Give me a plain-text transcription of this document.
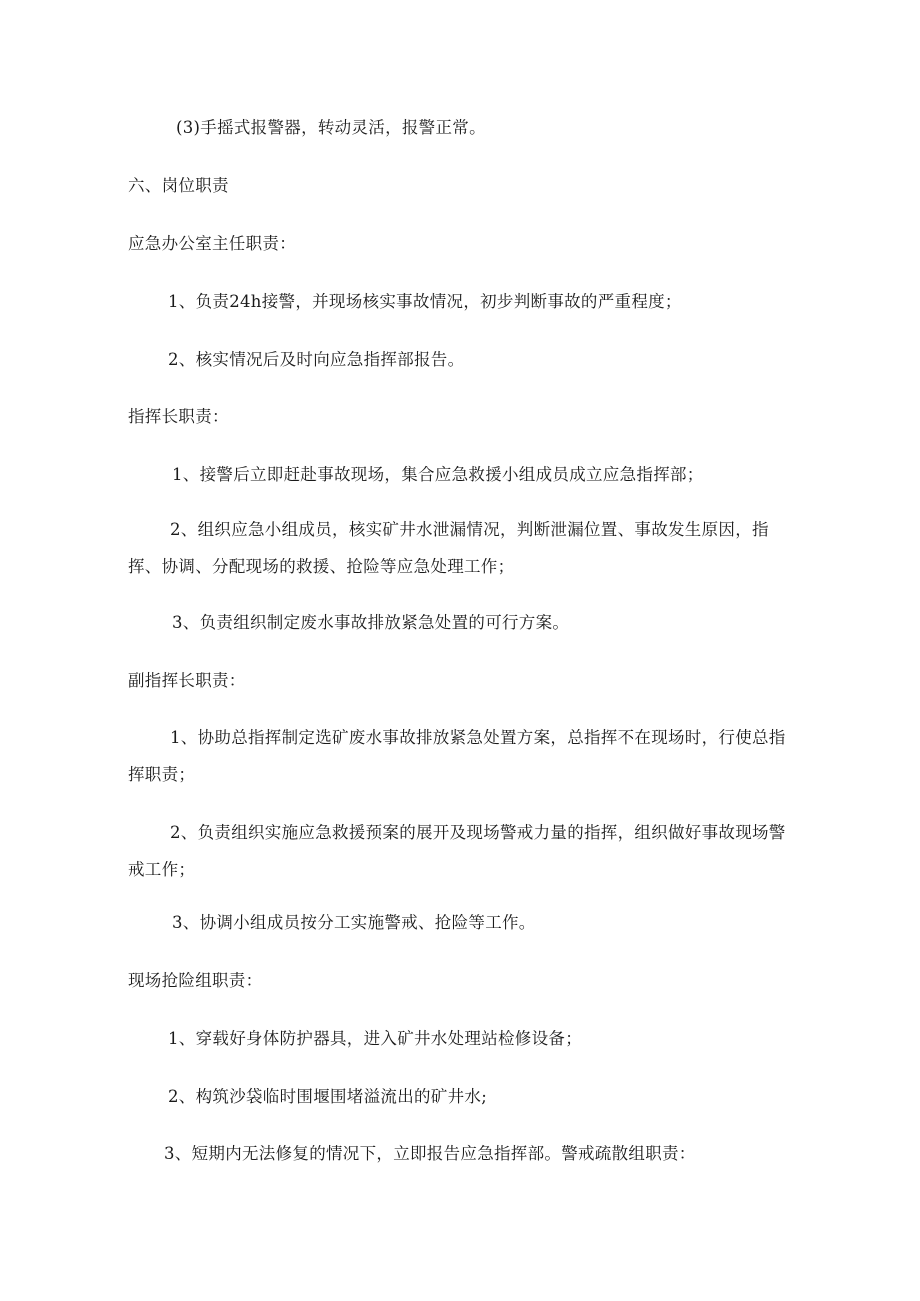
(3)手摇式报警器，转动灵活，报警正常。
六、岗位职责
应急办公室主任职责：
1、负责24h接警，并现场核实事故情况，初步判断事故的严重程度；
2、核实情况后及时向应急指挥部报告。
指挥长职责：
1、接警后立即赶赴事故现场，集合应急救援小组成员成立应急指挥部；
2、组织应急小组成员，核实矿井水泄漏情况，判断泄漏位置、事故发生原因，指挥、协调、分配现场的救援、抢险等应急处理工作；
3、负责组织制定废水事故排放紧急处置的可行方案。
副指挥长职责：
1、协助总指挥制定选矿废水事故排放紧急处置方案，总指挥不在现场时，行使总指挥职责；
2、负责组织实施应急救援预案的展开及现场警戒力量的指挥，组织做好事故现场警戒工作；
3、协调小组成员按分工实施警戒、抢险等工作。
现场抢险组职责：
1、穿载好身体防护器具，进入矿井水处理站检修设备；
2、构筑沙袋临时围堰围堵溢流出的矿井水;
3、短期内无法修复的情况下，立即报告应急指挥部。警戒疏散组职责：
